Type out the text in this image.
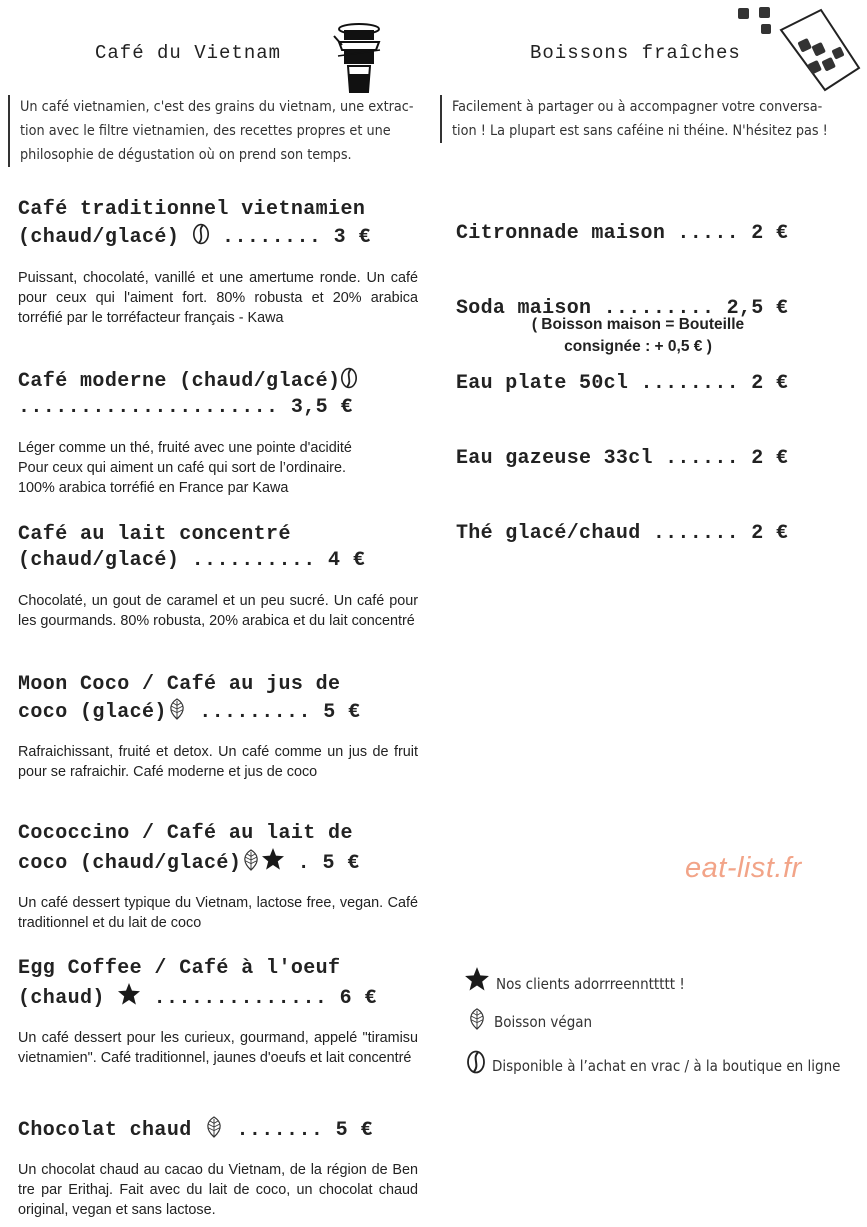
Café du Vietnam
Un café vietnamien, c'est des grains du vietnam, une extrac-
tion avec le filtre vietnamien, des recettes propres et une
philosophie de dégustation où on prend son temps.
Café traditionnel vietnamien
(chaud/glacé)  ........ 3 €
Puissant, chocolaté, vanillé et une amertume ronde. Un café pour ceux qui l'aiment fort. 80% robusta et 20% arabica torréfié par le torréfacteur français - Kawa
Café moderne (chaud/glacé)
..................... 3,5 €
Léger comme un thé, fruité avec une pointe d'acidité
Pour ceux qui aiment un café qui sort de l’ordinaire.
100% arabica torréfié en France par Kawa
Café au lait concentré
(chaud/glacé) .......... 4 €
Chocolaté, un gout de caramel et un peu sucré. Un café pour les gourmands. 80% robusta, 20% arabica et du lait concentré
Moon Coco / Café au jus de
coco (glacé) ......... 5 €
Rafraichissant, fruité et detox. Un café comme un jus de fruit pour se rafraichir. Café moderne et jus de coco
Cococcino / Café au lait de
coco (chaud/glacé) . 5 €
Un café dessert typique du Vietnam, lactose free, vegan. Café traditionnel et du lait de coco
Egg Coffee / Café à l'oeuf
(chaud)  .............. 6 €
Un café dessert pour les curieux, gourmand, appelé "tiramisu vietnamien". Café traditionnel, jaunes d'oeufs et lait concentré
Chocolat chaud  ....... 5 €
Un chocolat chaud au cacao du Vietnam, de la région de Ben tre par Erithaj. Fait avec du lait de coco, un chocolat chaud original, vegan et sans lactose.
Boissons fraîches
Facilement à partager ou à accompagner votre conversa-
tion ! La plupart est sans caféine ni théine. N'hésitez pas !

Citronnade maison ..... 2 €

Soda maison ......... 2,5 €

Eau plate 50cl ........ 2 €

Eau gazeuse 33cl ...... 2 €

Thé glacé/chaud ....... 2 €

( Boisson maison = Bouteille
consignée : + 0,5 € )
eat-list.fr
Nos clients adorrreennttttt !
Boisson végan
Disponible à l’achat en vrac / à la boutique en ligne
